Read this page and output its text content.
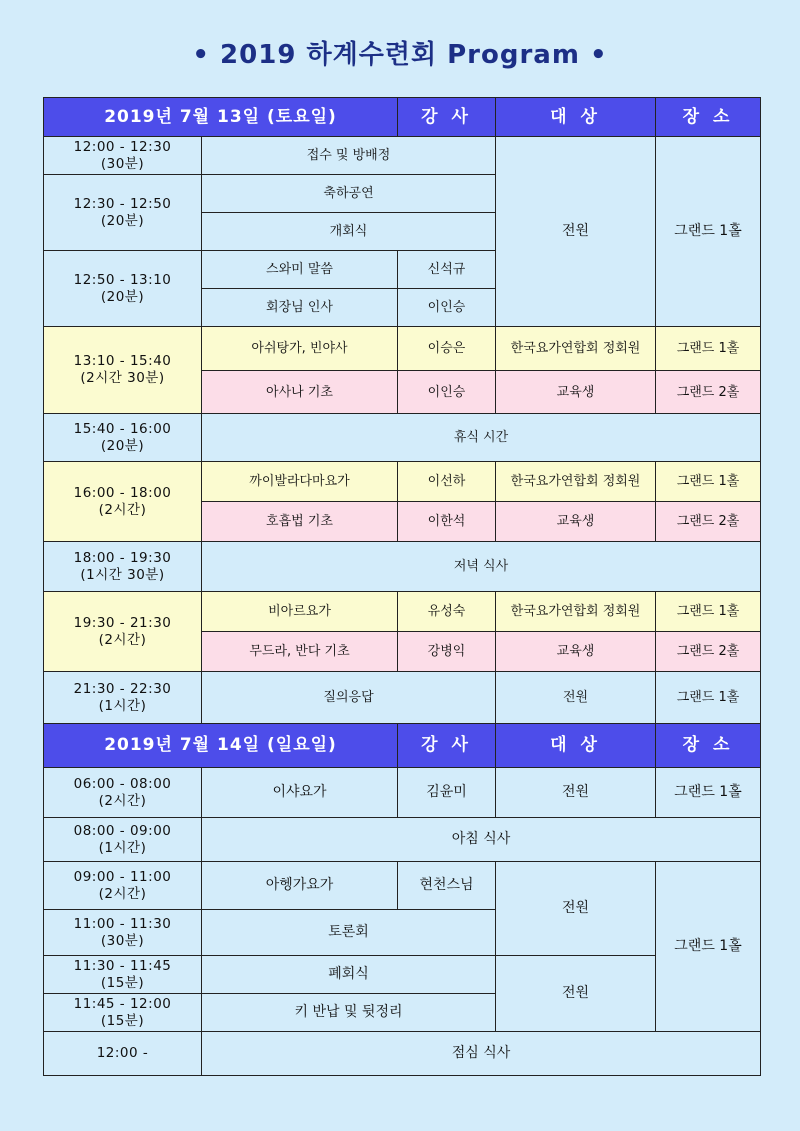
• 2019 하계수련회 Program •
2019년 7월 13일 (토요일)		강 사	대 상	장 소

12:00 - 12:30
(30분)	접수 및 방배정		전원	그랜드 1홀

12:30 - 12:50
(20분)	축하공연			
	개회식			

12:50 - 13:10
(20분)	스와미 말씀	신석규		
	회장님 인사	이인승		

13:10 - 15:40
(2시간 30분)	아쉬탕가, 빈야사	이승은	한국요가연합회 정회원	그랜드 1홀
	아사나 기초	이인승	교육생	그랜드 2홀

15:40 - 16:00
(20분)	휴식 시간			

16:00 - 18:00
(2시간)	까이발라다마요가	이선하	한국요가연합회 정회원	그랜드 1홀
	호흡법 기초	이한석	교육생	그랜드 2홀

18:00 - 19:30
(1시간 30분)	저녁 식사			

19:30 - 21:30
(2시간)	비아르요가	유성숙	한국요가연합회 정회원	그랜드 1홀
	무드라, 반다 기초	강병익	교육생	그랜드 2홀

21:30 - 22:30
(1시간)	질의응답		전원	그랜드 1홀
2019년 7월 14일 (일요일)		강 사	대 상	장 소

06:00 - 08:00
(2시간)	이샤요가	김윤미	전원	그랜드 1홀

08:00 - 09:00
(1시간)	아침 식사			

09:00 - 11:00
(2시간)	아헹가요가	현천스님	전원	그랜드 1홀

11:00 - 11:30
(30분)	토론회			

11:30 - 11:45
(15분)	폐회식		전원	

11:45 - 12:00
(15분)	키 반납 및 뒷정리			
12:00 -	점심 식사			
